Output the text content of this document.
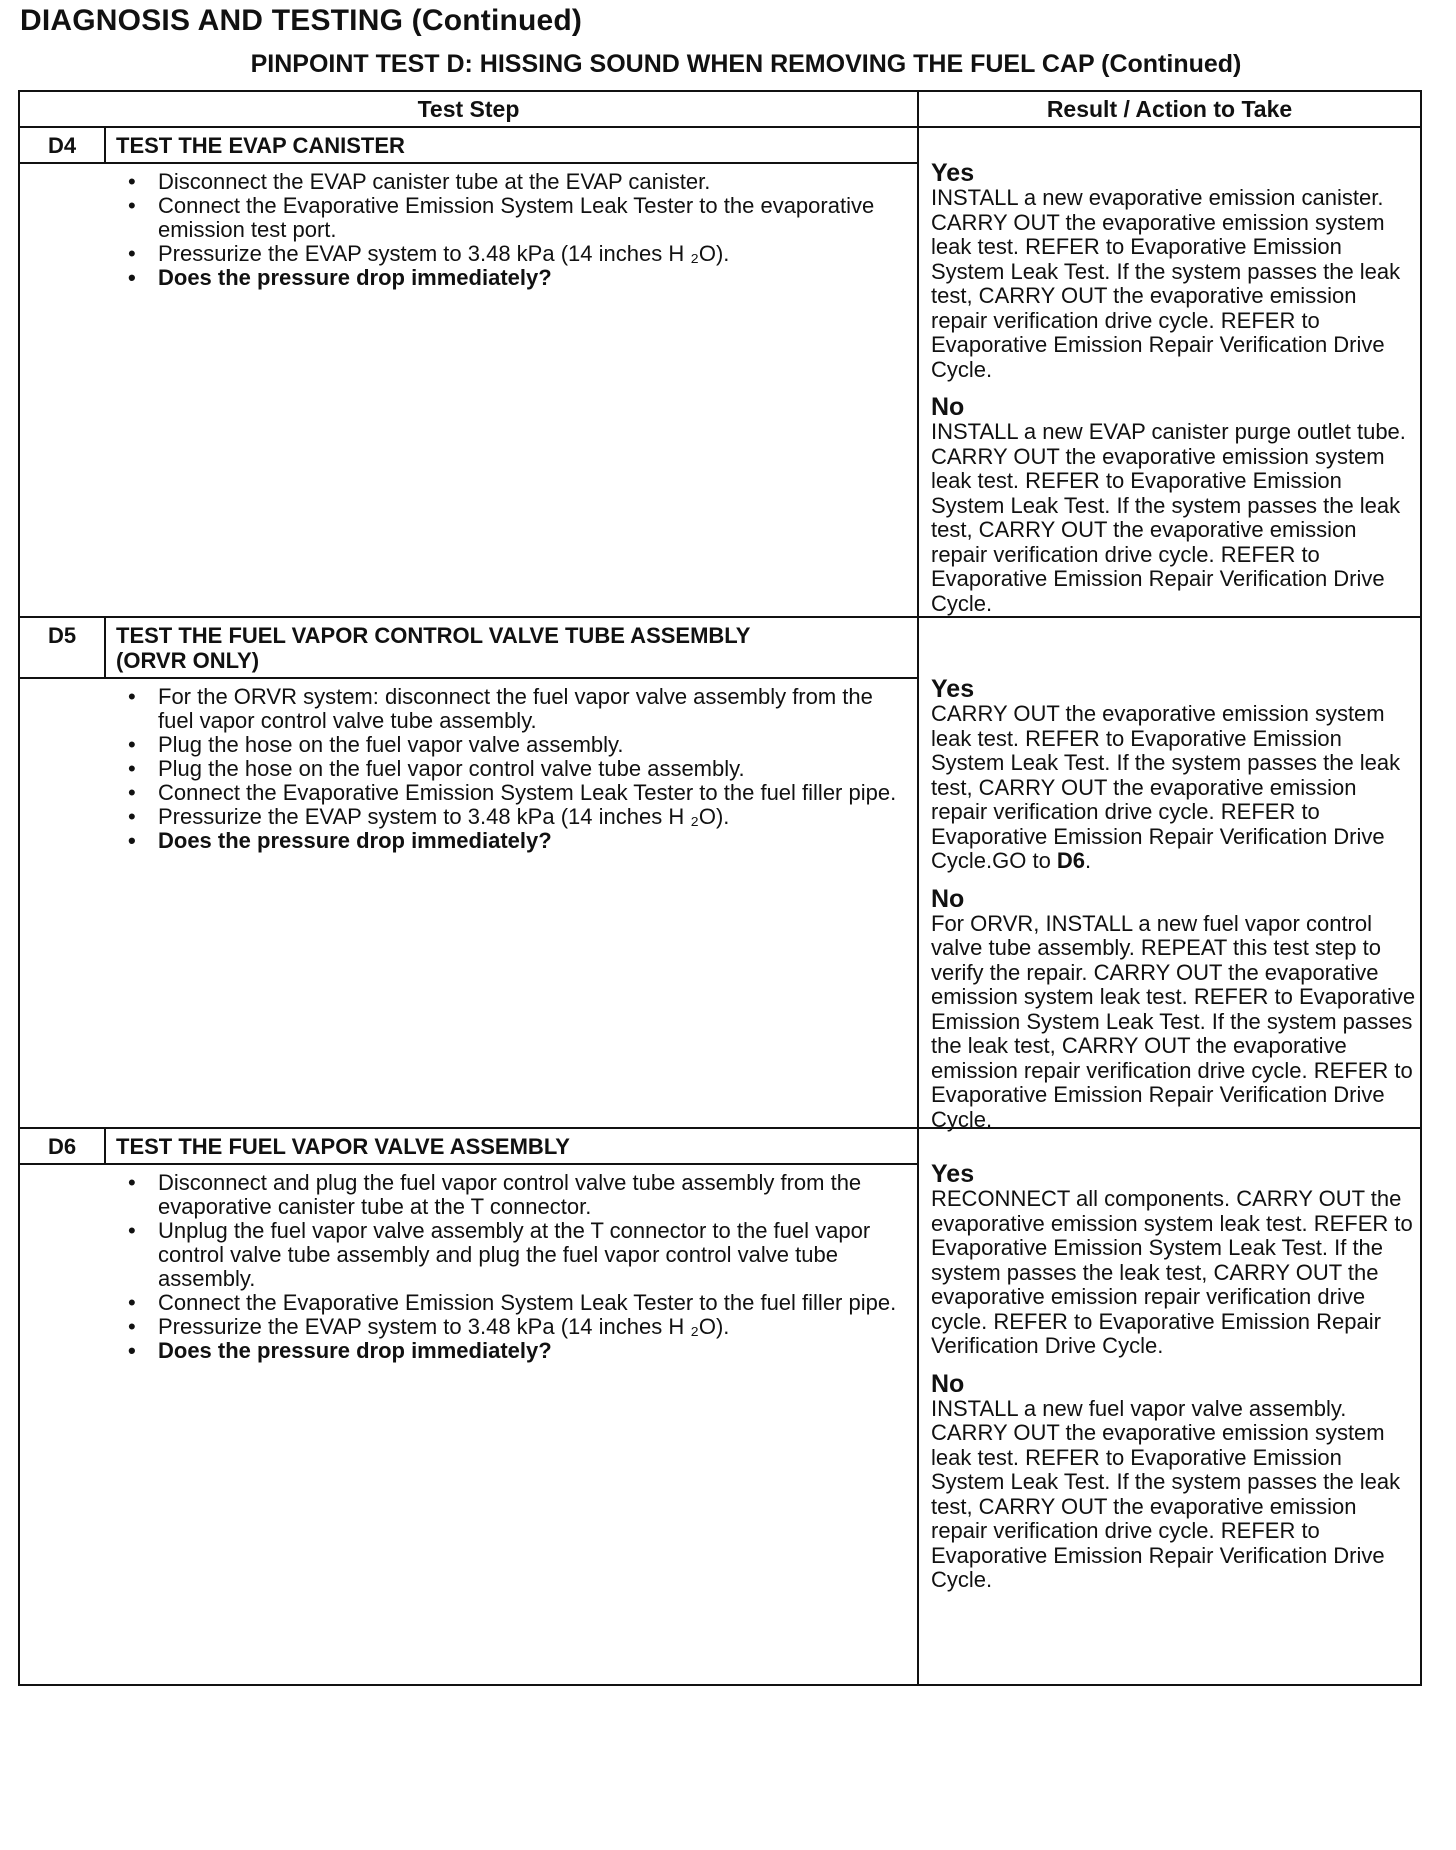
DIAGNOSIS AND TESTING (Continued)
PINPOINT TEST D: HISSING SOUND WHEN REMOVING THE FUEL CAP (Continued)
Test Step	Result / Action to Take
D4	TEST THE EVAP CANISTER
• Disconnect the EVAP canister tube at the EVAP canister.
• Connect the Evaporative Emission System Leak Tester to the evaporative emission test port.
• Pressurize the EVAP system to 3.48 kPa (14 inches H ₂O).
• Does the pressure drop immediately?
Yes
INSTALL a new evaporative emission canister. CARRY OUT the evaporative emission system leak test. REFER to Evaporative Emission System Leak Test. If the system passes the leak test, CARRY OUT the evaporative emission repair verification drive cycle. REFER to Evaporative Emission Repair Verification Drive Cycle.
No
INSTALL a new EVAP canister purge outlet tube. CARRY OUT the evaporative emission system leak test. REFER to Evaporative Emission System Leak Test. If the system passes the leak test, CARRY OUT the evaporative emission repair verification drive cycle. REFER to Evaporative Emission Repair Verification Drive Cycle.
D5	TEST THE FUEL VAPOR CONTROL VALVE TUBE ASSEMBLY (ORVR ONLY)
• For the ORVR system: disconnect the fuel vapor valve assembly from the fuel vapor control valve tube assembly.
• Plug the hose on the fuel vapor valve assembly.
• Plug the hose on the fuel vapor control valve tube assembly.
• Connect the Evaporative Emission System Leak Tester to the fuel filler pipe.
• Pressurize the EVAP system to 3.48 kPa (14 inches H ₂O).
• Does the pressure drop immediately?
Yes
CARRY OUT the evaporative emission system leak test. REFER to Evaporative Emission System Leak Test. If the system passes the leak test, CARRY OUT the evaporative emission repair verification drive cycle. REFER to Evaporative Emission Repair Verification Drive Cycle.GO to D6.
No
For ORVR, INSTALL a new fuel vapor control valve tube assembly. REPEAT this test step to verify the repair. CARRY OUT the evaporative emission system leak test. REFER to Evaporative Emission System Leak Test. If the system passes the leak test, CARRY OUT the evaporative emission repair verification drive cycle. REFER to Evaporative Emission Repair Verification Drive Cycle.
D6	TEST THE FUEL VAPOR VALVE ASSEMBLY
• Disconnect and plug the fuel vapor control valve tube assembly from the evaporative canister tube at the T connector.
• Unplug the fuel vapor valve assembly at the T connector to the fuel vapor control valve tube assembly and plug the fuel vapor control valve tube assembly.
• Connect the Evaporative Emission System Leak Tester to the fuel filler pipe.
• Pressurize the EVAP system to 3.48 kPa (14 inches H ₂O).
• Does the pressure drop immediately?
Yes
RECONNECT all components. CARRY OUT the evaporative emission system leak test. REFER to Evaporative Emission System Leak Test. If the system passes the leak test, CARRY OUT the evaporative emission repair verification drive cycle. REFER to Evaporative Emission Repair Verification Drive Cycle.
No
INSTALL a new fuel vapor valve assembly. CARRY OUT the evaporative emission system leak test. REFER to Evaporative Emission System Leak Test. If the system passes the leak test, CARRY OUT the evaporative emission repair verification drive cycle. REFER to Evaporative Emission Repair Verification Drive Cycle.
